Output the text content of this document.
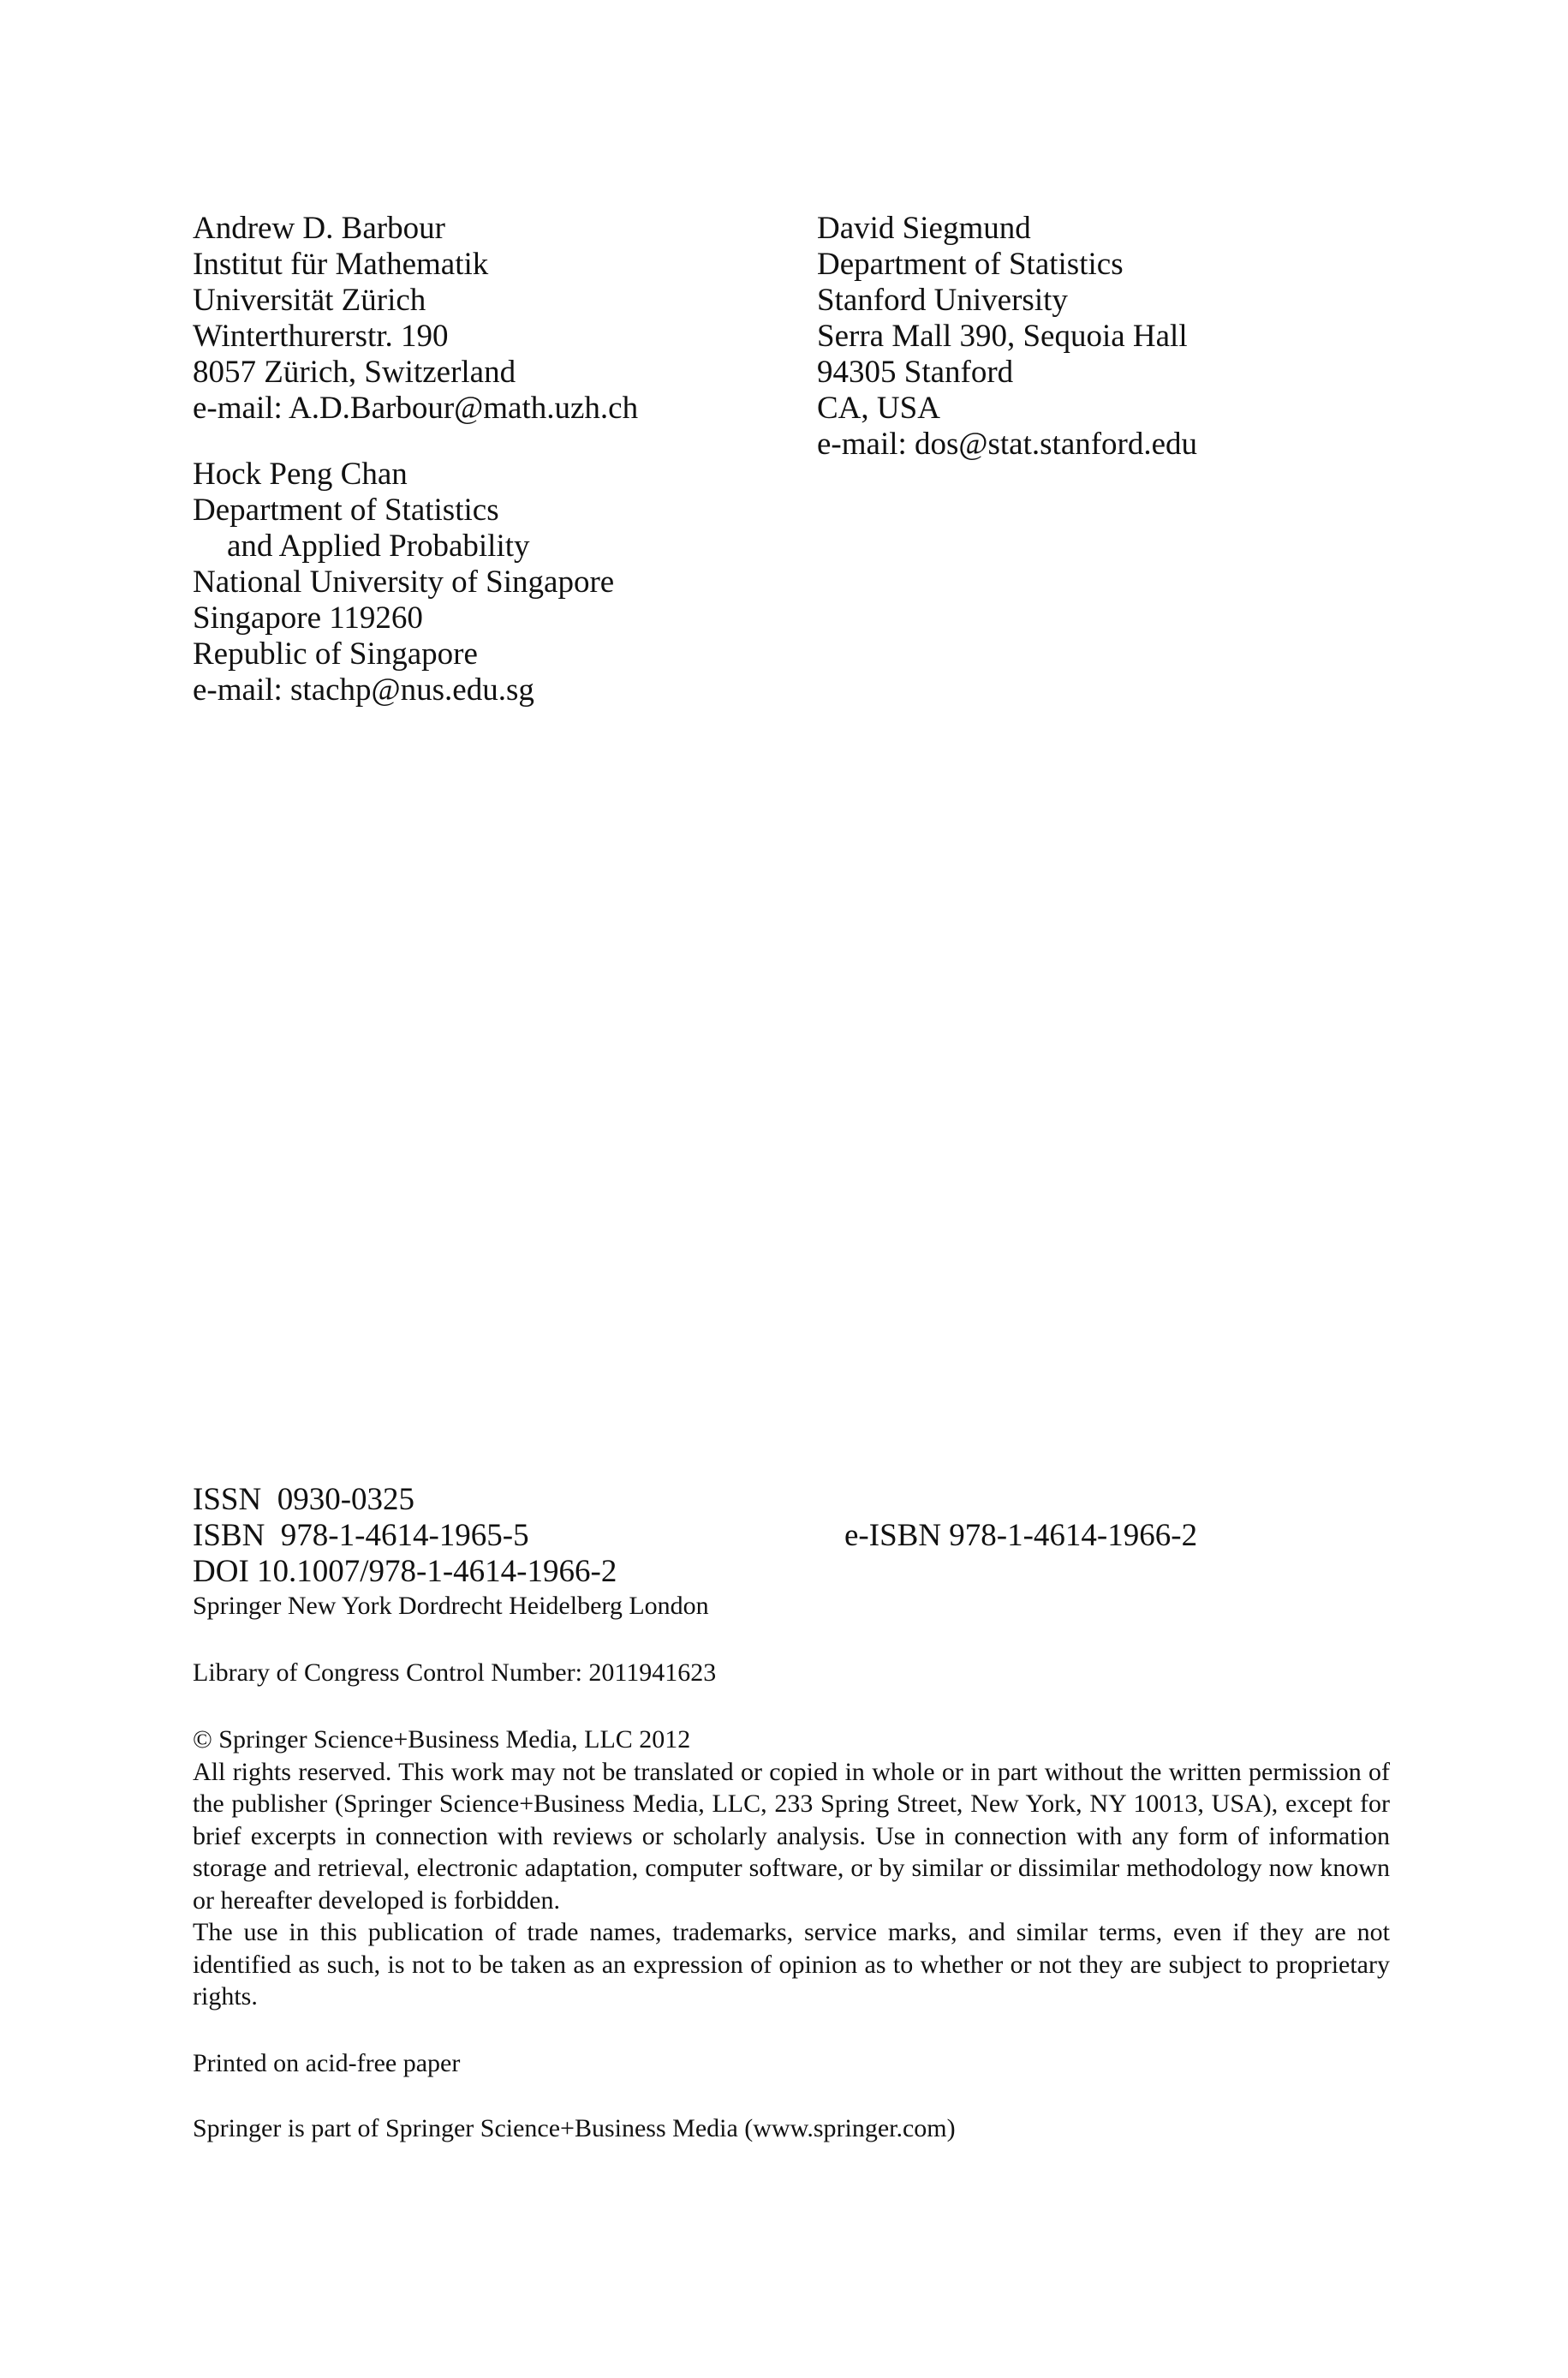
Andrew D. Barbour
Institut für Mathematik
Universität Zürich
Winterthurerstr. 190
8057 Zürich, Switzerland
e-mail: A.D.Barbour@math.uzh.ch
Hock Peng Chan
Department of Statistics
and Applied Probability
National University of Singapore
Singapore 119260
Republic of Singapore
e-mail: stachp@nus.edu.sg
David Siegmund
Department of Statistics
Stanford University
Serra Mall 390, Sequoia Hall
94305 Stanford
CA, USA
e-mail: dos@stat.stanford.edu
ISSN  0930-0325
ISBN  978-1-4614-1965-5
DOI 10.1007/978-1-4614-1966-2
Springer New York Dordrecht Heidelberg London
e-ISBN 978-1-4614-1966-2
Library of Congress Control Number: 2011941623
© Springer Science+Business Media, LLC 2012
All rights reserved. This work may not be translated or copied in whole or in part without the written permission of the publisher (Springer Science+Business Media, LLC, 233 Spring Street, New York, NY 10013, USA), except for brief excerpts in connection with reviews or scholarly analysis. Use in connection with any form of information storage and retrieval, electronic adaptation, computer software, or by similar or dissimilar methodology now known or hereafter developed is forbidden.
The use in this publication of trade names, trademarks, service marks, and similar terms, even if they are not identified as such, is not to be taken as an expression of opinion as to whether or not they are subject to proprietary rights.
Printed on acid-free paper
Springer is part of Springer Science+Business Media (www.springer.com)
